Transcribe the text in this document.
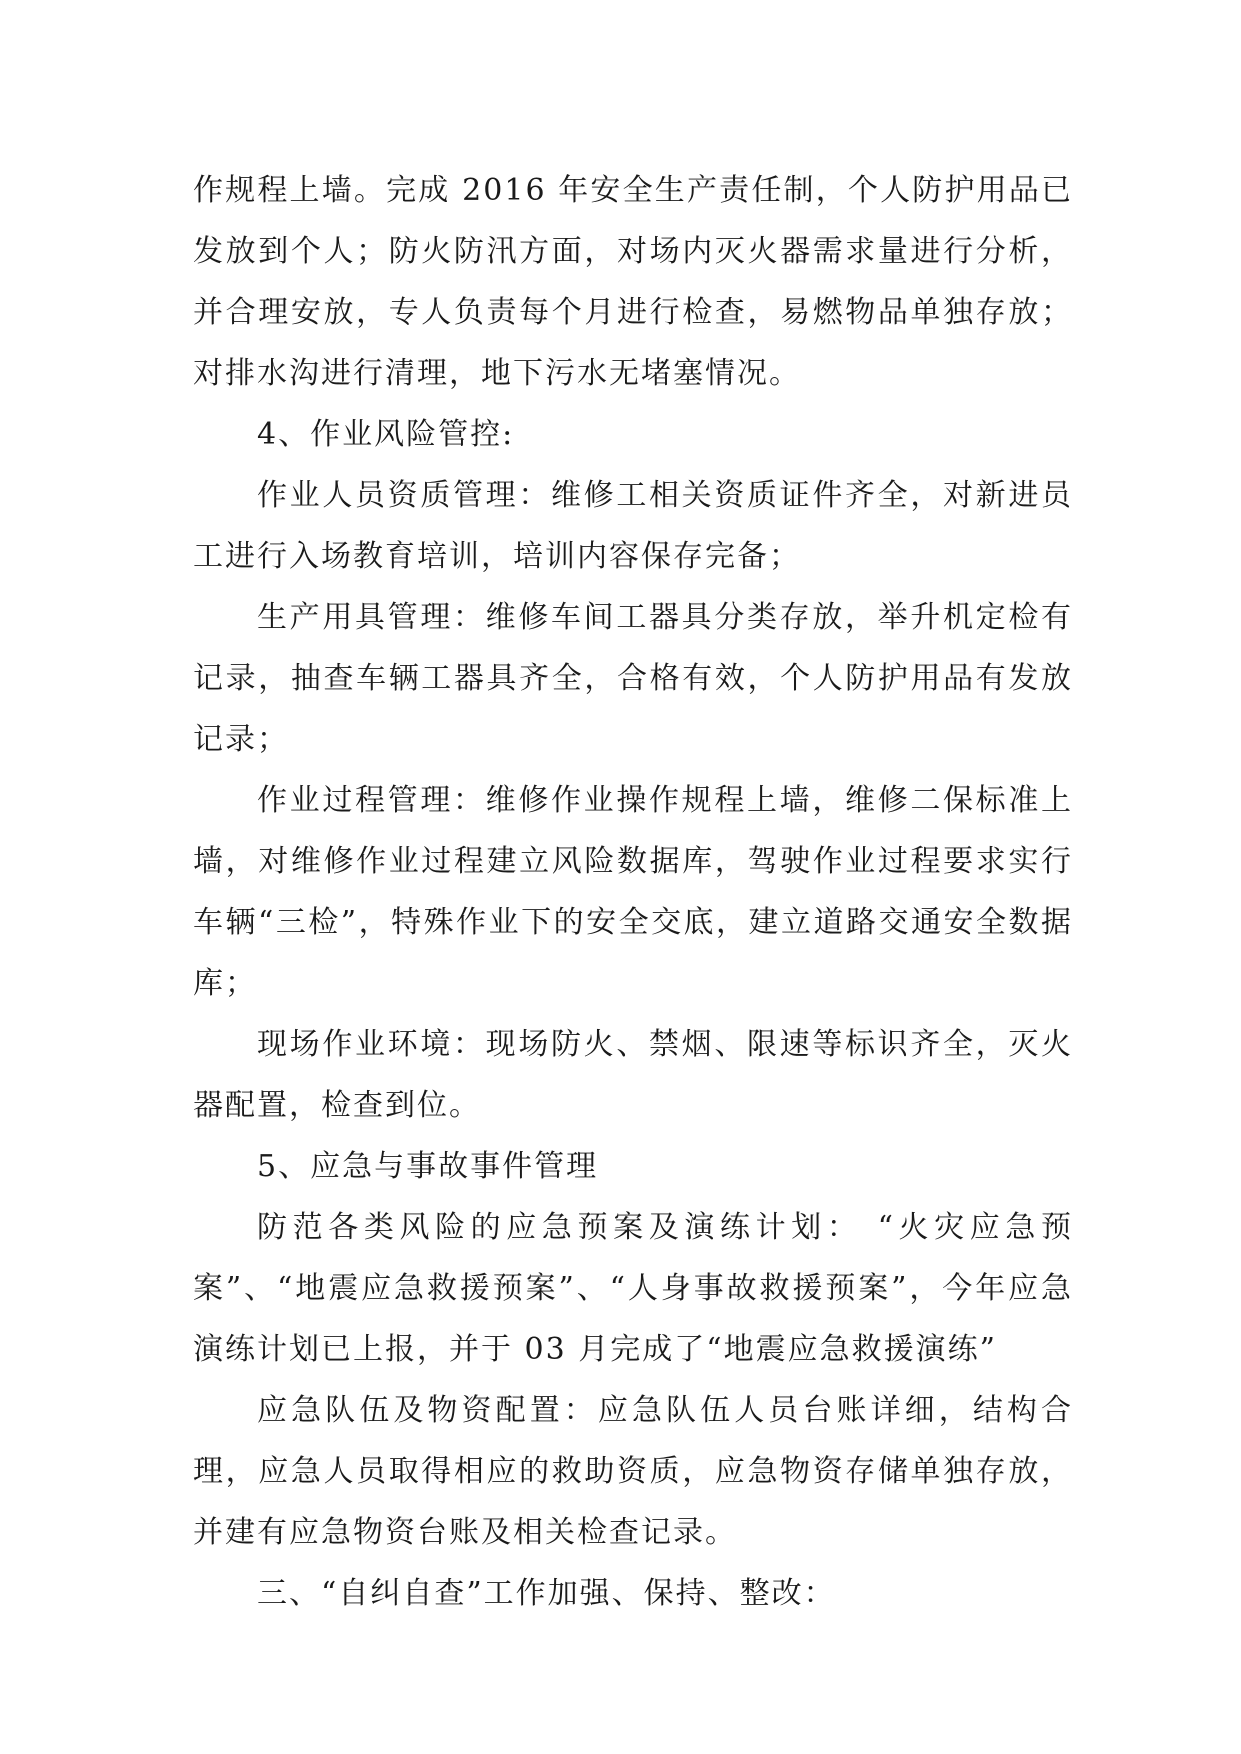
作规程上墙。完成 2016 年安全生产责任制，个人防护用品已发放到个人；防火防汛方面，对场内灭火器需求量进行分析，并合理安放，专人负责每个月进行检查，易燃物品单独存放；对排水沟进行清理，地下污水无堵塞情况。

4、作业风险管控:

作业人员资质管理：维修工相关资质证件齐全，对新进员工进行入场教育培训，培训内容保存完备；

生产用具管理：维修车间工器具分类存放，举升机定检有记录，抽查车辆工器具齐全，合格有效，个人防护用品有发放记录；

作业过程管理：维修作业操作规程上墙，维修二保标准上墙，对维修作业过程建立风险数据库，驾驶作业过程要求实行车辆“三检”，特殊作业下的安全交底，建立道路交通安全数据库；

现场作业环境：现场防火、禁烟、限速等标识齐全，灭火器配置，检查到位。

5、应急与事故事件管理

防范各类风险的应急预案及演练计划： “火灾应急预案”、“地震应急救援预案”、“人身事故救援预案”，今年应急演练计划已上报，并于 03 月完成了“地震应急救援演练”

应急队伍及物资配置：应急队伍人员台账详细，结构合理，应急人员取得相应的救助资质，应急物资存储单独存放，并建有应急物资台账及相关检查记录。

三、“自纠自查”工作加强、保持、整改：
